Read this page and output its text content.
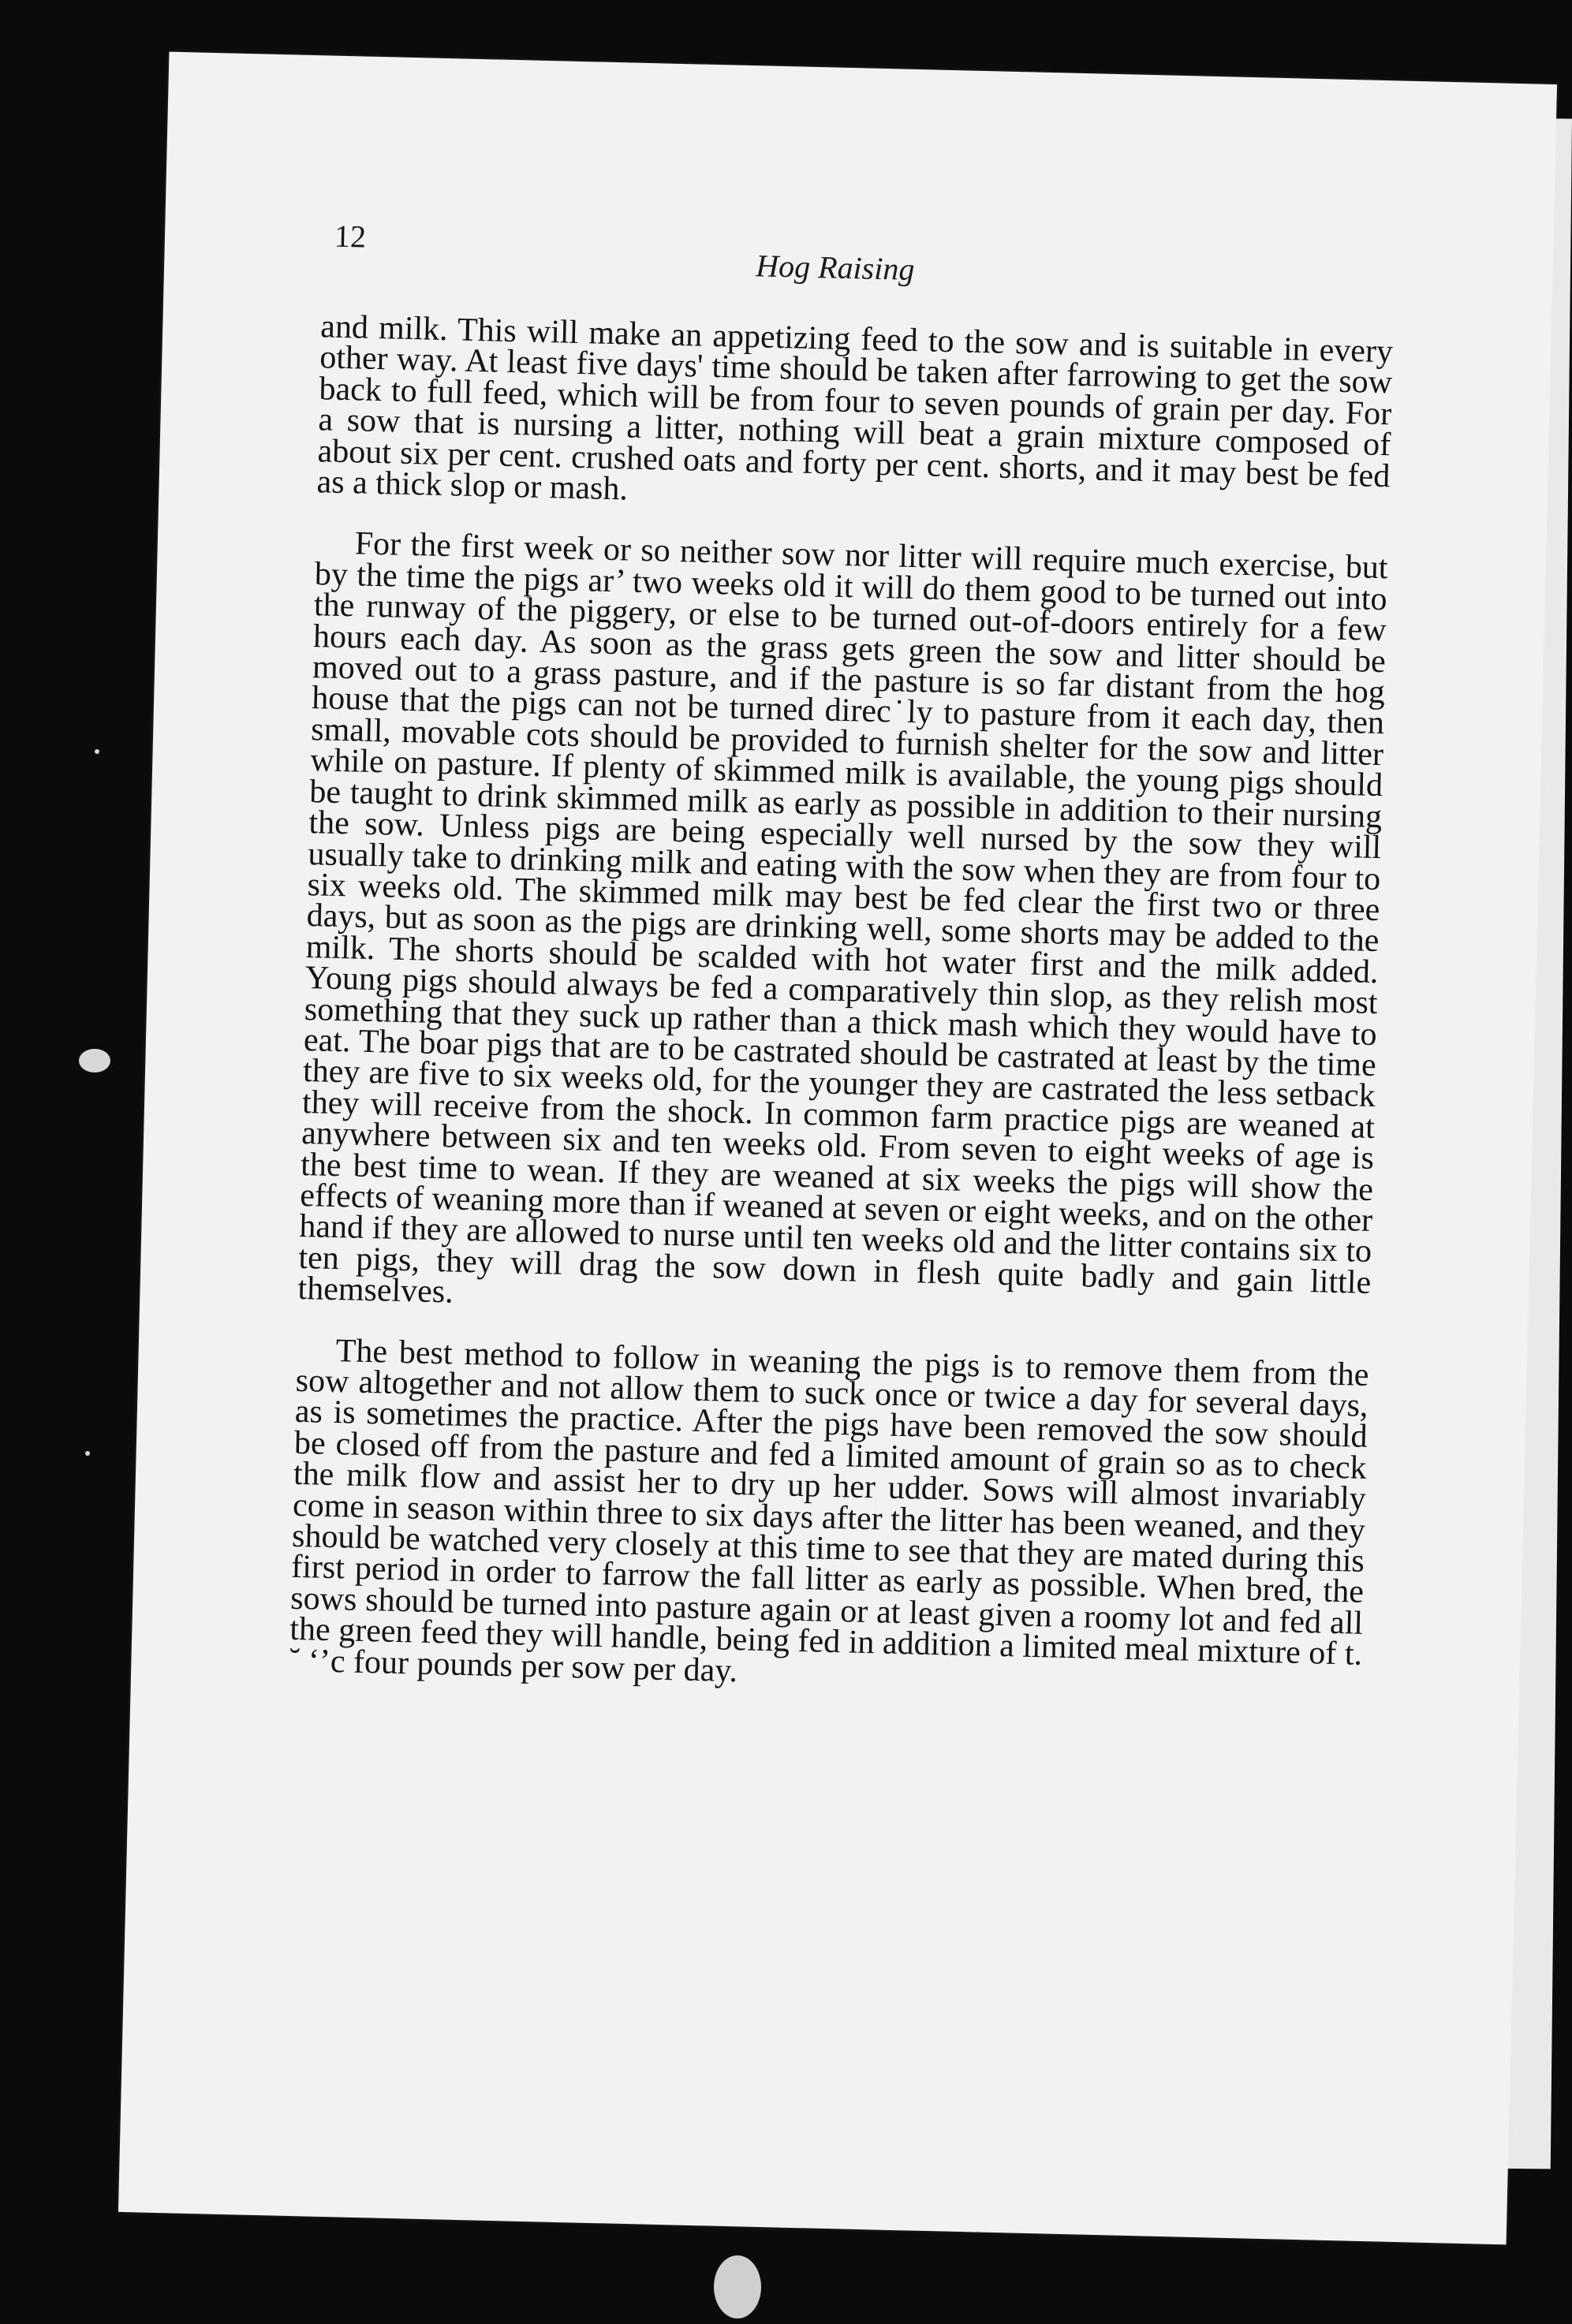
12
Hog Raising

and milk. This will make an appetizing feed to the sow and is suitable in every other way. At least five days' time should be taken after farrowing to get the sow back to full feed, which will be from four to seven pounds of grain per day. For a sow that is nursing a litter, nothing will beat a grain mixture composed of about six per cent. crushed oats and forty per cent. shorts, and it may best be fed as a thick slop or mash.

For the first week or so neither sow nor litter will require much exercise, but by the time the pigs ar’ two weeks old it will do them good to be turned out into the runway of the piggery, or else to be turned out-of-doors entirely for a few hours each day. As soon as the grass gets green the sow and litter should be moved out to a grass pasture, and if the pasture is so far distant from the hog house that the pigs can not be turned direc˙ly to pasture from it each day, then small, movable cots should be provided to furnish shelter for the sow and litter while on pasture. If plenty of skimmed milk is available, the young pigs should be taught to drink skimmed milk as early as possible in addition to their nursing the sow. Unless pigs are being especially well nursed by the sow they will usually take to drinking milk and eating with the sow when they are from four to six weeks old. The skimmed milk may best be fed clear the first two or three days, but as soon as the pigs are drinking well, some shorts may be added to the milk. The shorts should be scalded with hot water first and the milk added. Young pigs should always be fed a comparatively thin slop, as they relish most something that they suck up rather than a thick mash which they would have to eat. The boar pigs that are to be castrated should be castrated at least by the time they are five to six weeks old, for the younger they are castrated the less setback they will receive from the shock. In common farm practice pigs are weaned at anywhere between six and ten weeks old. From seven to eight weeks of age is the best time to wean. If they are weaned at six weeks the pigs will show the effects of weaning more than if weaned at seven or eight weeks, and on the other hand if they are allowed to nurse until ten weeks old and the litter contains six to ten pigs, they will drag the sow down in flesh quite badly and gain little themselves.

The best method to follow in weaning the pigs is to remove them from the sow altogether and not allow them to suck once or twice a day for several days, as is sometimes the practice. After the pigs have been removed the sow should be closed off from the pasture and fed a limited amount of grain so as to check the milk flow and assist her to dry up her udder. Sows will almost invariably come in season within three to six days after the litter has been weaned, and they should be watched very closely at this time to see that they are mated during this first period in order to farrow the fall litter as early as possible. When bred, the sows should be turned into pasture again or at least given a roomy lot and fed all the green feed they will handle, being fed in addition a limited meal mixture of t. ˘ ‘’c four pounds per sow per day.
